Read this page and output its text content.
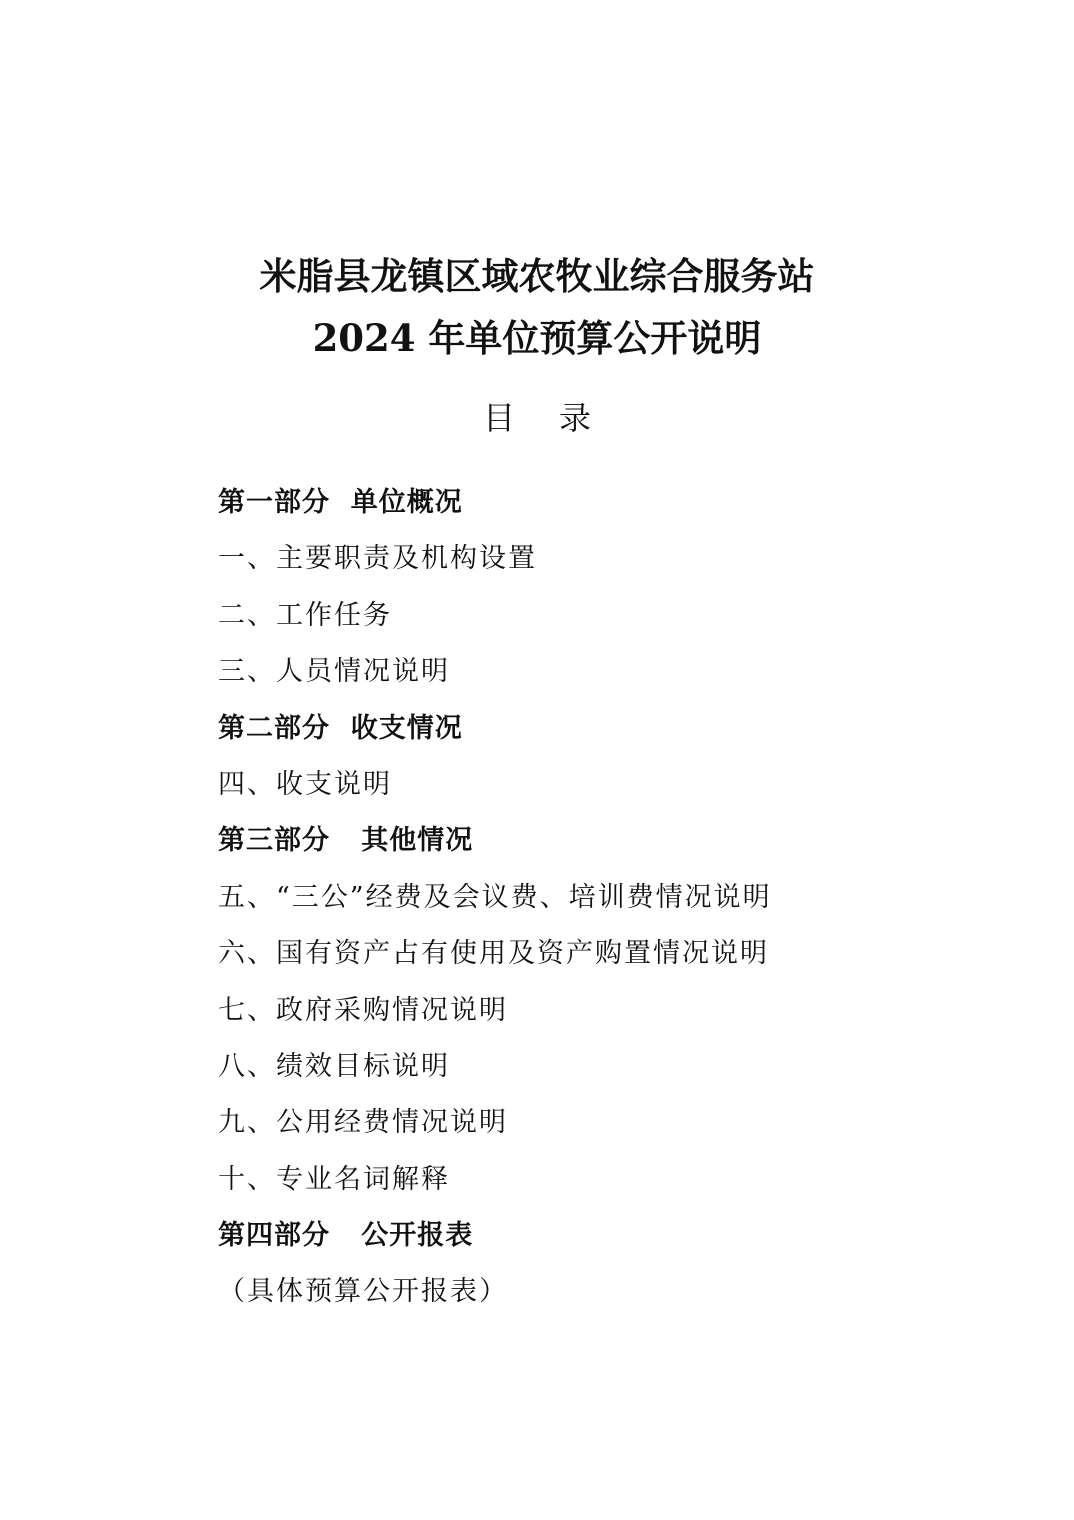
米脂县龙镇区域农牧业综合服务站
2024 年单位预算公开说明
目 录
第一部分  单位概况
一、主要职责及机构设置
二、工作任务
三、人员情况说明
第二部分  收支情况
四、收支说明
第三部分   其他情况
五、“三公”经费及会议费、培训费情况说明
六、国有资产占有使用及资产购置情况说明
七、政府采购情况说明
八、绩效目标说明
九、公用经费情况说明
十、专业名词解释
第四部分   公开报表
（具体预算公开报表）
